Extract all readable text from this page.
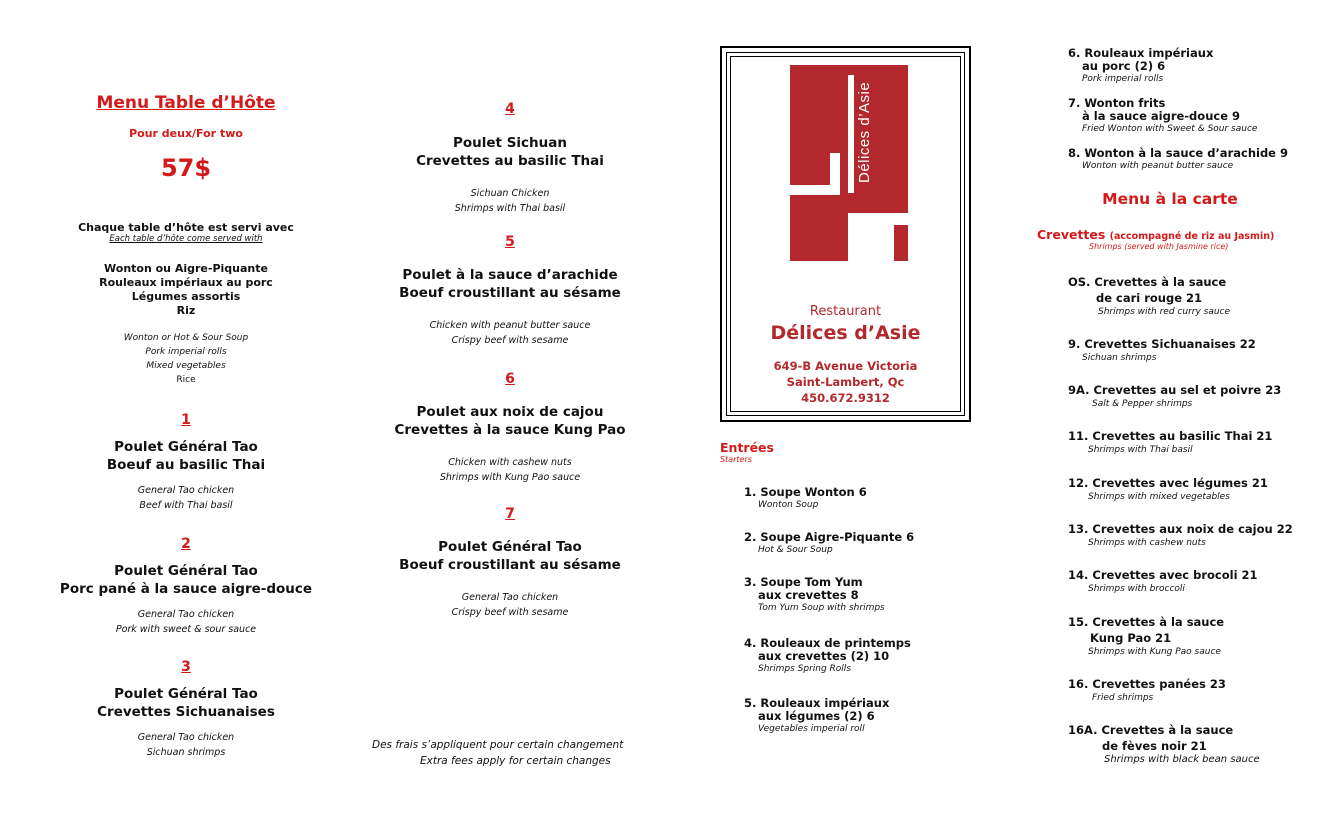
Menu Table d’Hôte
Pour deux/For two
57$
Chaque table d’hôte est servi avec
Each table d’hôte come served with
Wonton ou Aigre-Piquante
Rouleaux impériaux au porc
Légumes assortis
Riz
Wonton or Hot & Sour Soup
Pork imperial rolls
Mixed vegetables
Rice
1
Poulet Général Tao
Boeuf au basilic Thai
General Tao chicken
Beef with Thai basil
2
Poulet Général Tao
Porc pané à la sauce aigre-douce
General Tao chicken
Pork with sweet & sour sauce
3
Poulet Général Tao
Crevettes Sichuanaises
General Tao chicken
Sichuan shrimps
4
Poulet Sichuan
Crevettes au basilic Thai
Sichuan Chicken
Shrimps with Thai basil
5
Poulet à la sauce d’arachide
Boeuf croustillant au sésame
Chicken with peanut butter sauce
Crispy beef with sesame
6
Poulet aux noix de cajou
Crevettes à la sauce Kung Pao
Chicken with cashew nuts
Shrimps with Kung Pao sauce
7
Poulet Général Tao
Boeuf croustillant au sésame
General Tao chicken
Crispy beef with sesame
Des frais s’appliquent pour certain changement
Extra fees apply for certain changes
Délices d’Asie
Restaurant
Délices d’Asie
649-B Avenue Victoria
Saint-Lambert, Qc
450.672.9312
Entrées
Starters
1. Soupe Wonton 6
Wonton Soup
2. Soupe Aigre-Piquante 6
Hot & Sour Soup
3. Soupe Tom Yum
aux crevettes 8
Tom Yum Soup with shrimps
4. Rouleaux de printemps
aux crevettes (2) 10
Shrimps Spring Rolls
5. Rouleaux impériaux
aux légumes (2) 6
Vegetables imperial roll
6. Rouleaux impériaux
au porc (2) 6
Pork imperial rolls
7. Wonton frits
à la sauce aigre-douce 9
Fried Wonton with Sweet & Sour sauce
8. Wonton à la sauce d’arachide 9
Wonton with peanut butter sauce
Menu à la carte
Crevettes (accompagné de riz au Jasmin)
Shrimps (served with Jasmine rice)
OS. Crevettes à la sauce
de cari rouge 21
Shrimps with red curry sauce
9. Crevettes Sichuanaises 22
Sichuan shrimps
9A. Crevettes au sel et poivre 23
Salt & Pepper shrimps
11. Crevettes au basilic Thai 21
Shrimps with Thai basil
12. Crevettes avec légumes 21
Shrimps with mixed vegetables
13. Crevettes aux noix de cajou 22
Shrimps with cashew nuts
14. Crevettes avec brocoli 21
Shrimps with broccoli
15. Crevettes à la sauce
Kung Pao 21
Shrimps with Kung Pao sauce
16. Crevettes panées 23
Fried shrimps
16A. Crevettes à la sauce
de fèves noir 21
Shrimps with black bean sauce
